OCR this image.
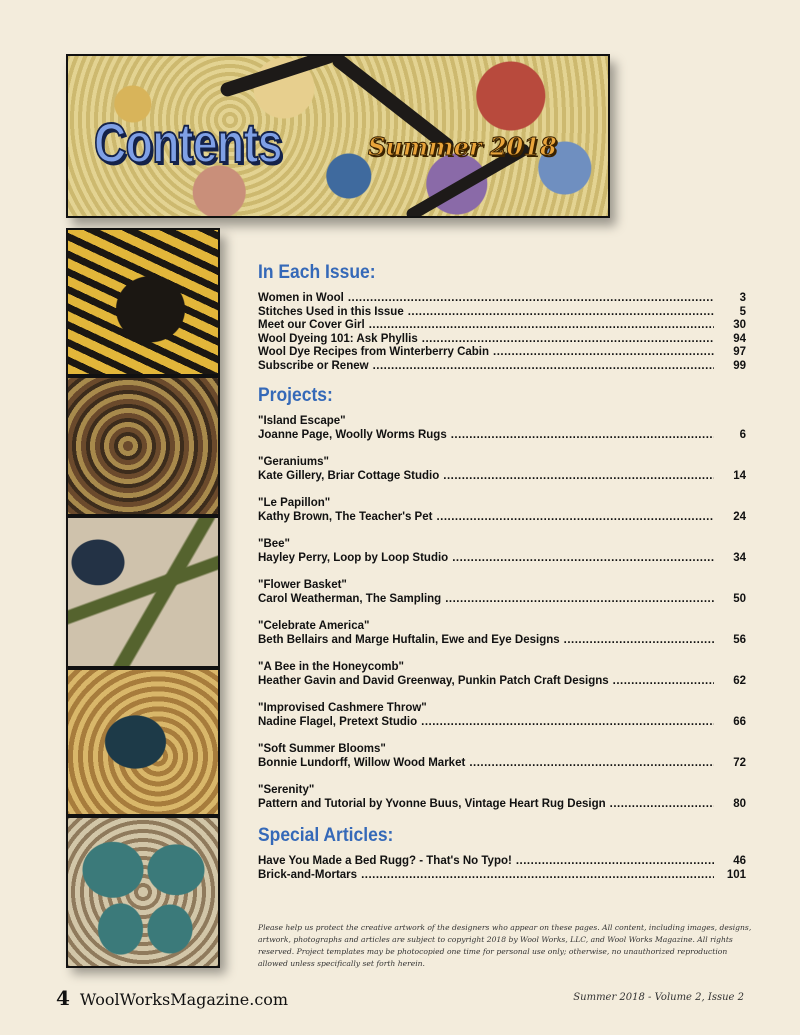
Contents	Summer 2018
In Each Issue:
Women in Wool .....	3
Stitches Used in this Issue .....	5
Meet our Cover Girl .....	30
Wool Dyeing 101: Ask Phyllis .....	94
Wool Dye Recipes from Winterberry Cabin .....	97
Subscribe or Renew .....	99
Projects:
"Island Escape"
Joanne Page, Woolly Worms Rugs .....	6
"Geraniums"
Kate Gillery, Briar Cottage Studio .....	14
"Le Papillon"
Kathy Brown, The Teacher's Pet .....	24
"Bee"
Hayley Perry, Loop by Loop Studio .....	34
"Flower Basket"
Carol Weatherman, The Sampling .....	50
"Celebrate America"
Beth Bellairs and Marge Huftalin, Ewe and Eye Designs .....	56
"A Bee in the Honeycomb"
Heather Gavin and David Greenway, Punkin Patch Craft Designs .....	62
"Improvised Cashmere Throw"
Nadine Flagel, Pretext Studio .....	66
"Soft Summer Blooms"
Bonnie Lundorff, Willow Wood Market .....	72
"Serenity"
Pattern and Tutorial by Yvonne Buus, Vintage Heart Rug Design .....	80
Special Articles:
Have You Made a Bed Rugg? - That's No Typo! .....	46
Brick-and-Mortars .....	101
Please help us protect the creative artwork of the designers who appear on these pages. All content, including images, designs, artwork, photographs and articles are subject to copyright 2018 by Wool Works, LLC, and Wool Works Magazine. All rights reserved. Project templates may be photocopied one time for personal use only; otherwise, no unauthorized reproduction allowed unless specifically set forth herein.
4 WoolWorksMagazine.com	Summer 2018 - Volume 2, Issue 2
